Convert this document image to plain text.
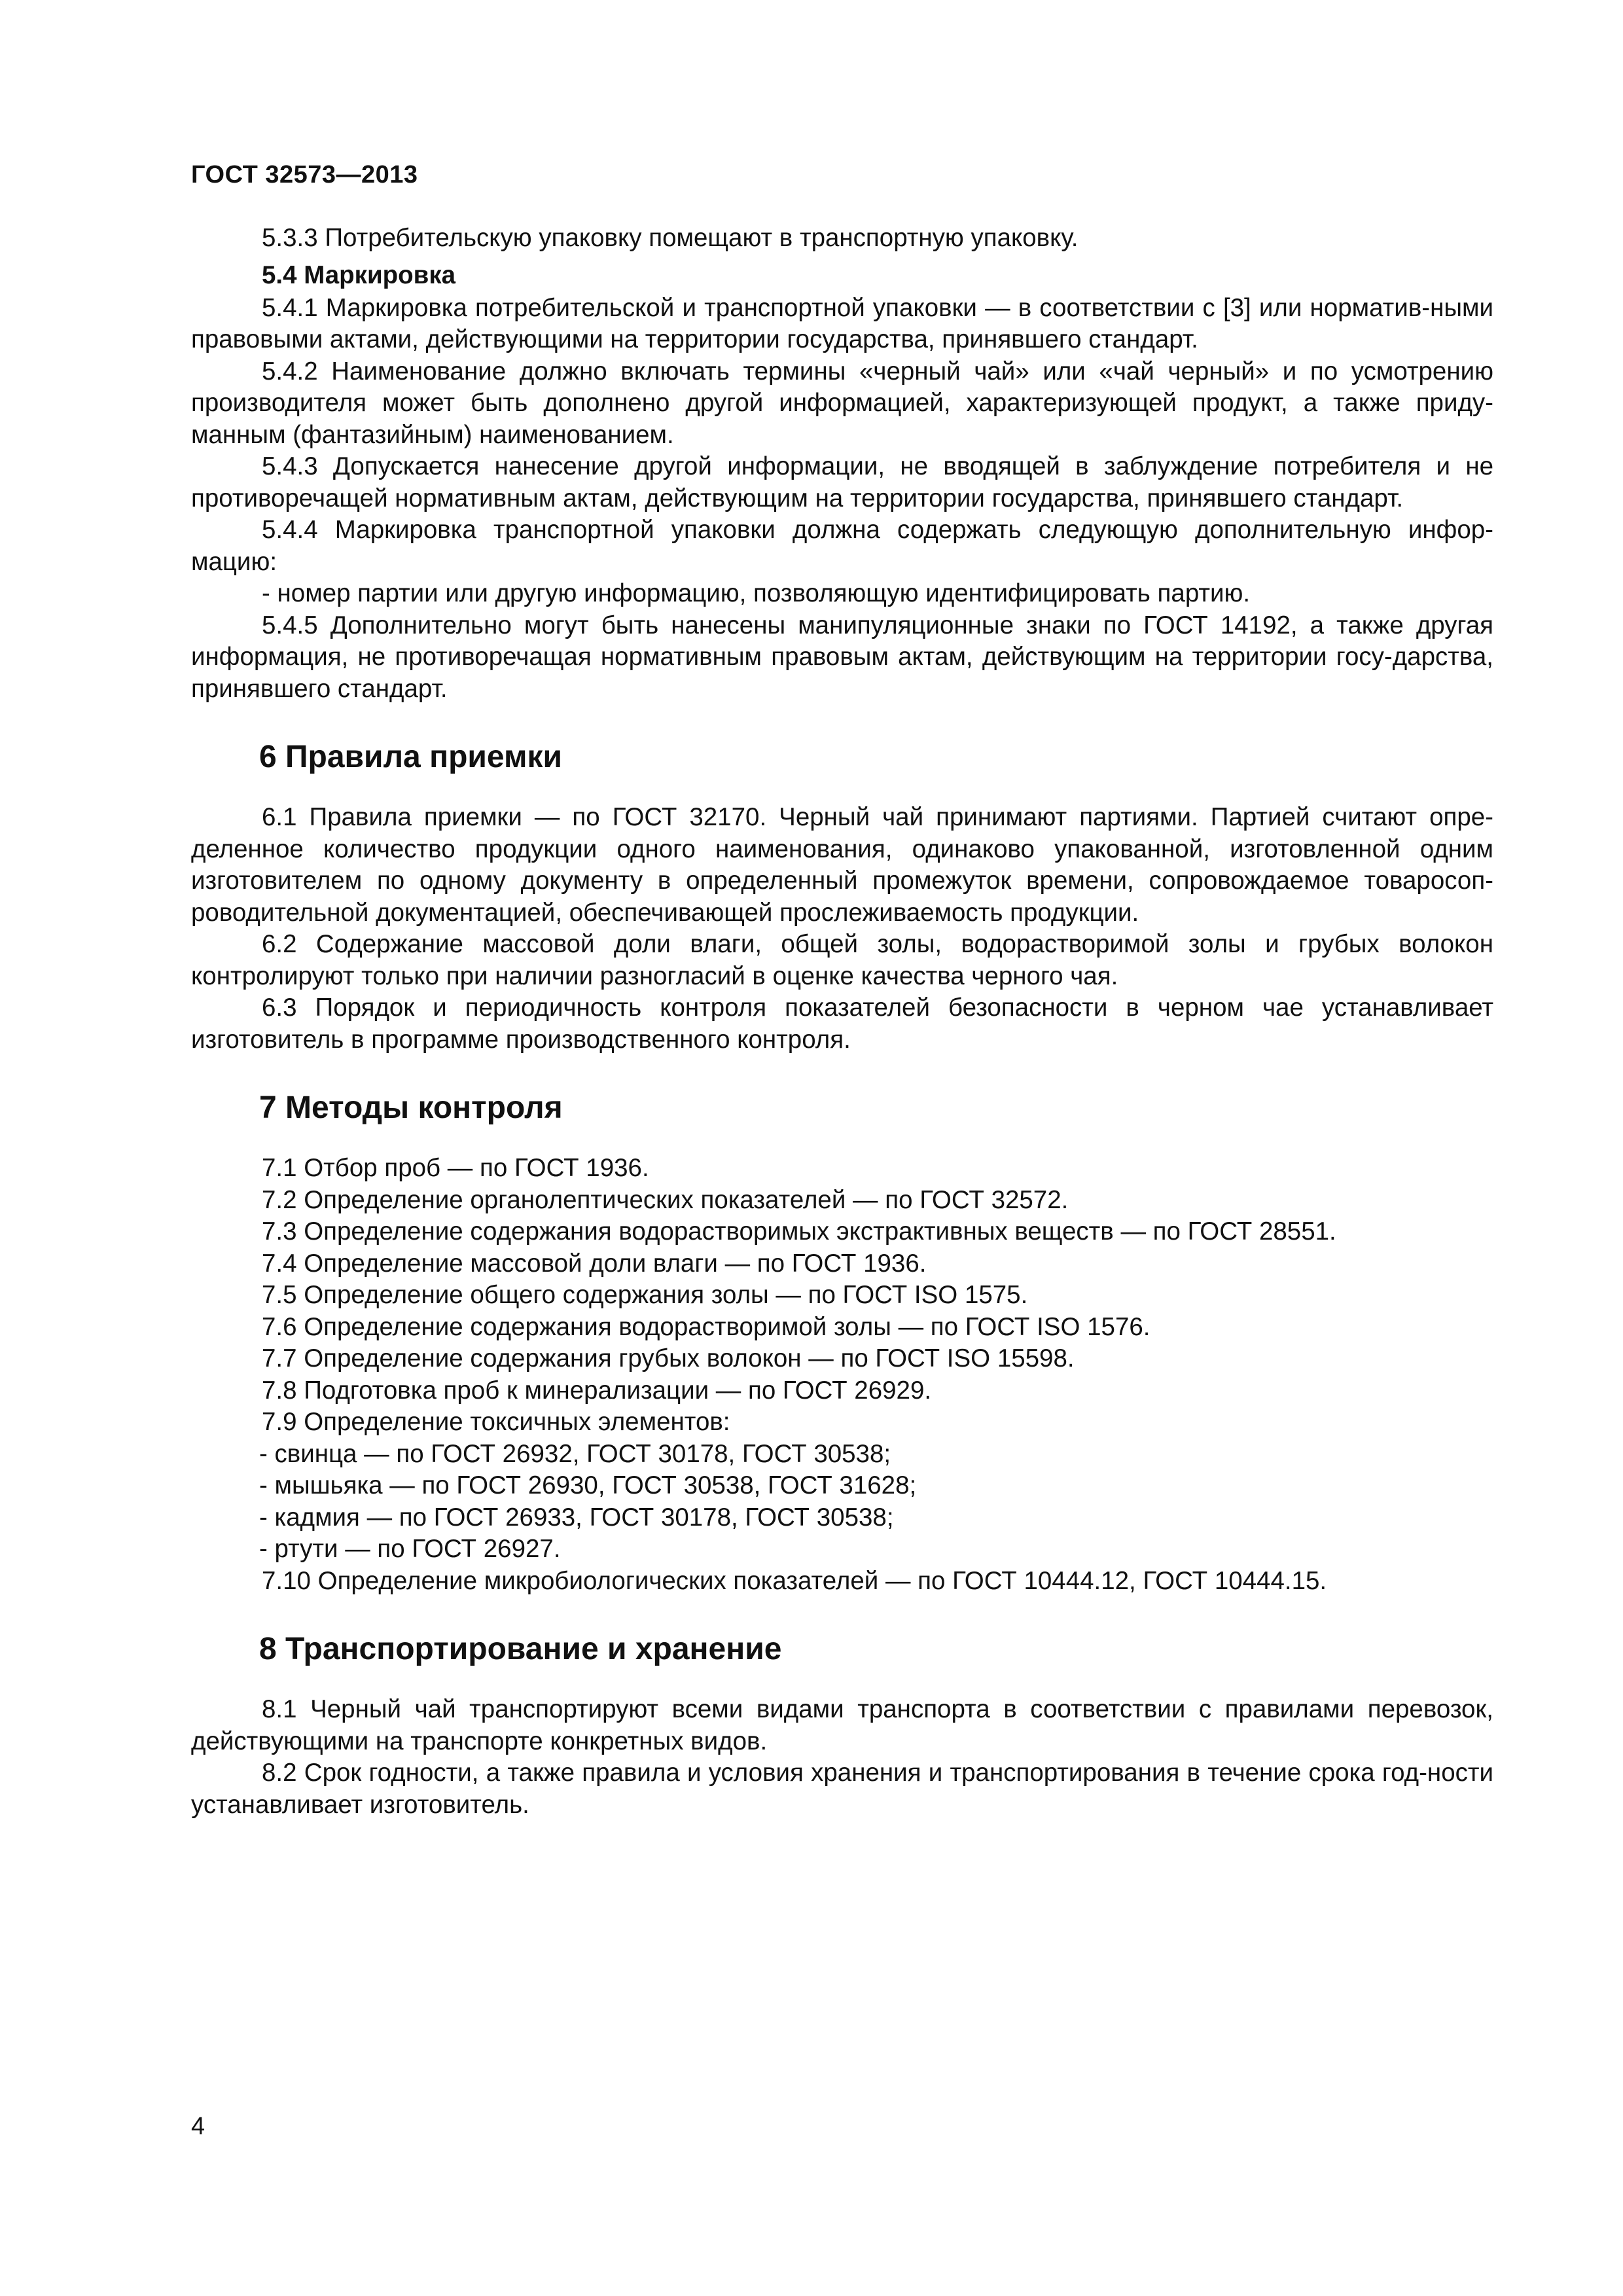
ГОСТ 32573—2013

5.3.3 Потребительскую упаковку помещают в транспортную упаковку.

5.4 Маркировка

5.4.1 Маркировка потребительской и транспортной упаковки — в соответствии с [3] или норматив-ными правовыми актами, действующими на территории государства, принявшего стандарт.

5.4.2 Наименование должно включать термины «черный чай» или «чай черный» и по усмотрению производителя может быть дополнено другой информацией, характеризующей продукт, а также приду-манным (фантазийным) наименованием.

5.4.3 Допускается нанесение другой информации, не вводящей в заблуждение потребителя и не противоречащей нормативным актам, действующим на территории государства, принявшего стандарт.

5.4.4 Маркировка транспортной упаковки должна содержать следующую дополнительную инфор-мацию:

- номер партии или другую информацию, позволяющую идентифицировать партию.

5.4.5 Дополнительно могут быть нанесены манипуляционные знаки по ГОСТ 14192, а также другая информация, не противоречащая нормативным правовым актам, действующим на территории госу-дарства, принявшего стандарт.

6 Правила приемки

6.1 Правила приемки — по ГОСТ 32170. Черный чай принимают партиями. Партией считают опре-деленное количество продукции одного наименования, одинаково упакованной, изготовленной одним изготовителем по одному документу в определенный промежуток времени, сопровождаемое товаросоп-роводительной документацией, обеспечивающей прослеживаемость продукции.

6.2 Содержание массовой доли влаги, общей золы, водорастворимой золы и грубых волокон контролируют только при наличии разногласий в оценке качества черного чая.

6.3 Порядок и периодичность контроля показателей безопасности в черном чае устанавливает изготовитель в программе производственного контроля.

7 Методы контроля

7.1 Отбор проб — по ГОСТ 1936.

7.2 Определение органолептических показателей — по ГОСТ 32572.

7.3 Определение содержания водорастворимых экстрактивных веществ — по ГОСТ 28551.

7.4 Определение массовой доли влаги — по ГОСТ 1936.

7.5 Определение общего содержания золы — по ГОСТ ISO 1575.

7.6 Определение содержания водорастворимой золы — по ГОСТ ISO 1576.

7.7 Определение содержания грубых волокон — по ГОСТ ISO 15598.

7.8 Подготовка проб к минерализации — по ГОСТ 26929.

7.9 Определение токсичных элементов:

- свинца — по ГОСТ 26932, ГОСТ 30178, ГОСТ 30538;

- мышьяка — по ГОСТ 26930, ГОСТ 30538, ГОСТ 31628;

- кадмия — по ГОСТ 26933, ГОСТ 30178, ГОСТ 30538;

- ртути — по ГОСТ 26927.

7.10 Определение микробиологических показателей — по ГОСТ 10444.12, ГОСТ 10444.15.

8 Транспортирование и хранение

8.1 Черный чай транспортируют всеми видами транспорта в соответствии с правилами перевозок, действующими на транспорте конкретных видов.

8.2 Срок годности, а также правила и условия хранения и транспортирования в течение срока год-ности устанавливает изготовитель.

4
